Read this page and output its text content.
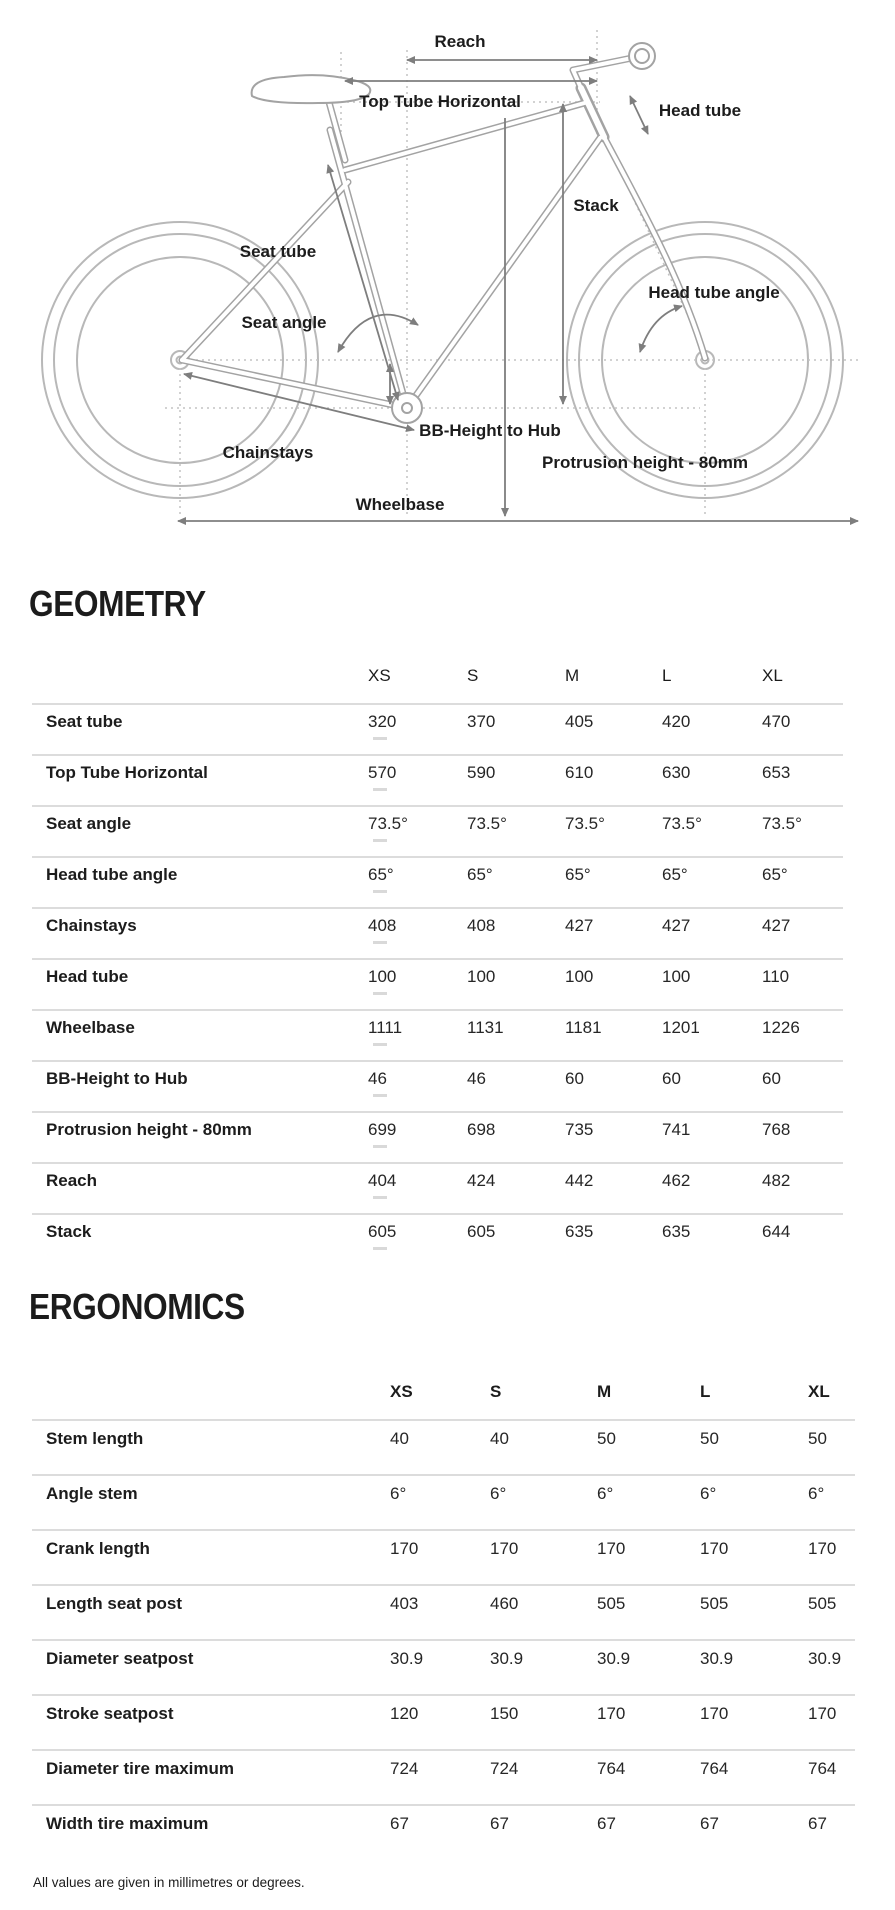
Reach
Top Tube Horizontal	Head tube
Stack
Seat tube
Seat angle
Head tube angle
Chainstays
BB-Height to Hub
Protrusion height - 80mm
Wheelbase
GEOMETRY
XS	S	M	L	XL
Seat tube	320	370	405	420	470
Top Tube Horizontal	570	590	610	630	653
Seat angle	73.5°	73.5°	73.5°	73.5°	73.5°
Head tube angle	65°	65°	65°	65°	65°
Chainstays	408	408	427	427	427
Head tube	100	100	100	100	110
Wheelbase	1111	1131	1181	1201	1226
BB-Height to Hub	46	46	60	60	60
Protrusion height - 80mm	699	698	735	741	768
Reach	404	424	442	462	482
Stack	605	605	635	635	644
ERGONOMICS
XS	S	M	L	XL
Stem length	40	40	50	50	50
Angle stem	6°	6°	6°	6°	6°
Crank length	170	170	170	170	170
Length seat post	403	460	505	505	505
Diameter seatpost	30.9	30.9	30.9	30.9	30.9
Stroke seatpost	120	150	170	170	170
Diameter tire maximum	724	724	764	764	764
Width tire maximum	67	67	67	67	67

All values are given in millimetres or degrees.
